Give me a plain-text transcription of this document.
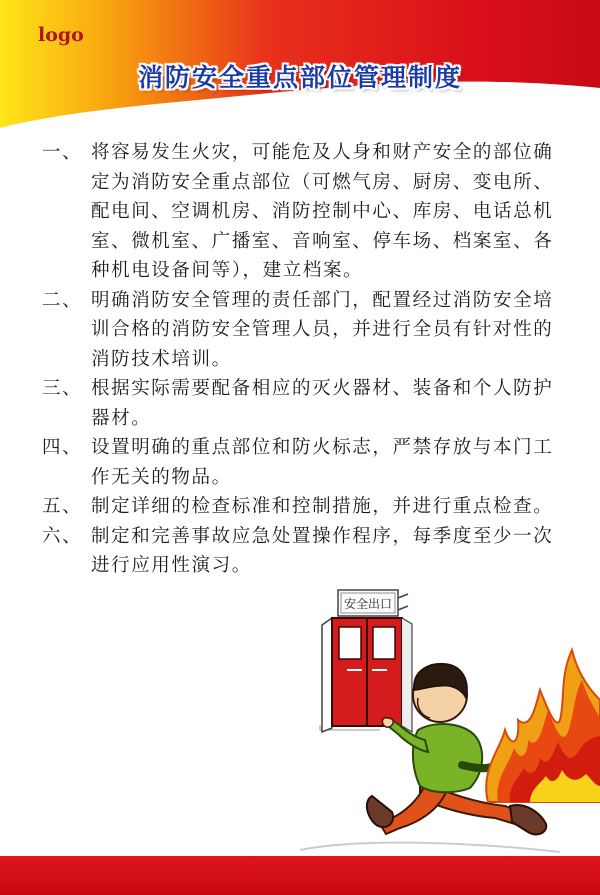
logo
消防安全重点部位管理制度
一、 将容易发生火灾，可能危及人身和财产安全的部位确定为消防安全重点部位（可燃气房、厨房、变电所、配电间、空调机房、消防控制中心、库房、电话总机室、微机室、广播室、音响室、停车场、档案室、各种机电设备间等），建立档案。
二、 明确消防安全管理的责任部门，配置经过消防安全培训合格的消防安全管理人员，并进行全员有针对性的消防技术培训。
三、 根据实际需要配备相应的灭火器材、装备和个人防护器材。
四、 设置明确的重点部位和防火标志，严禁存放与本门工作无关的物品。
五、 制定详细的检查标准和控制措施，并进行重点检查。
六、 制定和完善事故应急处置操作程序，每季度至少一次进行应用性演习。
安全出口
